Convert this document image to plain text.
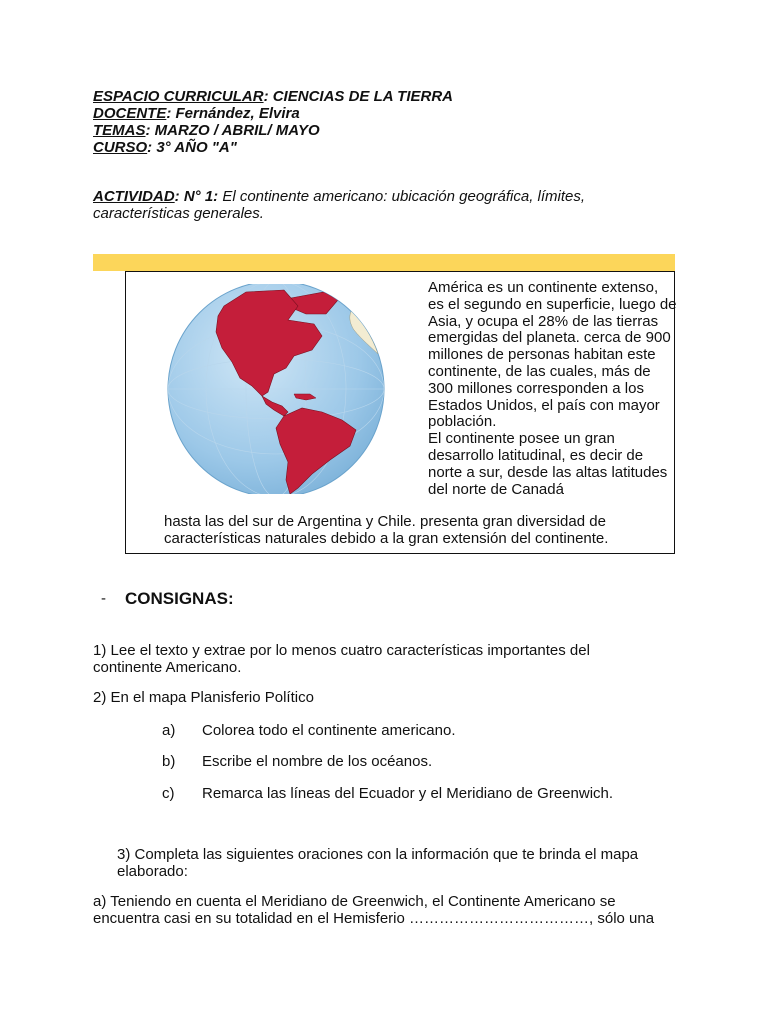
ESPACIO CURRICULAR: CIENCIAS DE LA TIERRA
DOCENTE: Fernández, Elvira
TEMAS: MARZO / ABRIL/ MAYO
CURSO: 3° AÑO "A"
ACTIVIDAD: N° 1: El continente americano: ubicación geográfica, límites, características generales.

América es un continente extenso, es el segundo en superficie, luego de Asia, y ocupa el 28% de las tierras emergidas del planeta. cerca de 900 millones de personas habitan este continente, de las cuales, más de 300 millones corresponden a los Estados Unidos, el país con mayor población.

El continente posee un gran desarrollo latitudinal, es decir de norte a sur, desde las altas latitudes del norte de Canadá

hasta las del sur de Argentina y Chile. presenta gran diversidad de características naturales debido a la gran extensión del continente.
- CONSIGNAS:
1) Lee el texto y extrae por lo menos cuatro características importantes del continente Americano.
2) En el mapa Planisferio Político
a) Colorea todo el continente americano.
b) Escribe el nombre de los océanos.
c) Remarca las líneas del Ecuador y el Meridiano de Greenwich.
3) Completa las siguientes oraciones con la información que te brinda el mapa elaborado:
a) Teniendo en cuenta el Meridiano de Greenwich, el Continente Americano se encuentra casi en su totalidad en el Hemisferio ………………………………, sólo una
